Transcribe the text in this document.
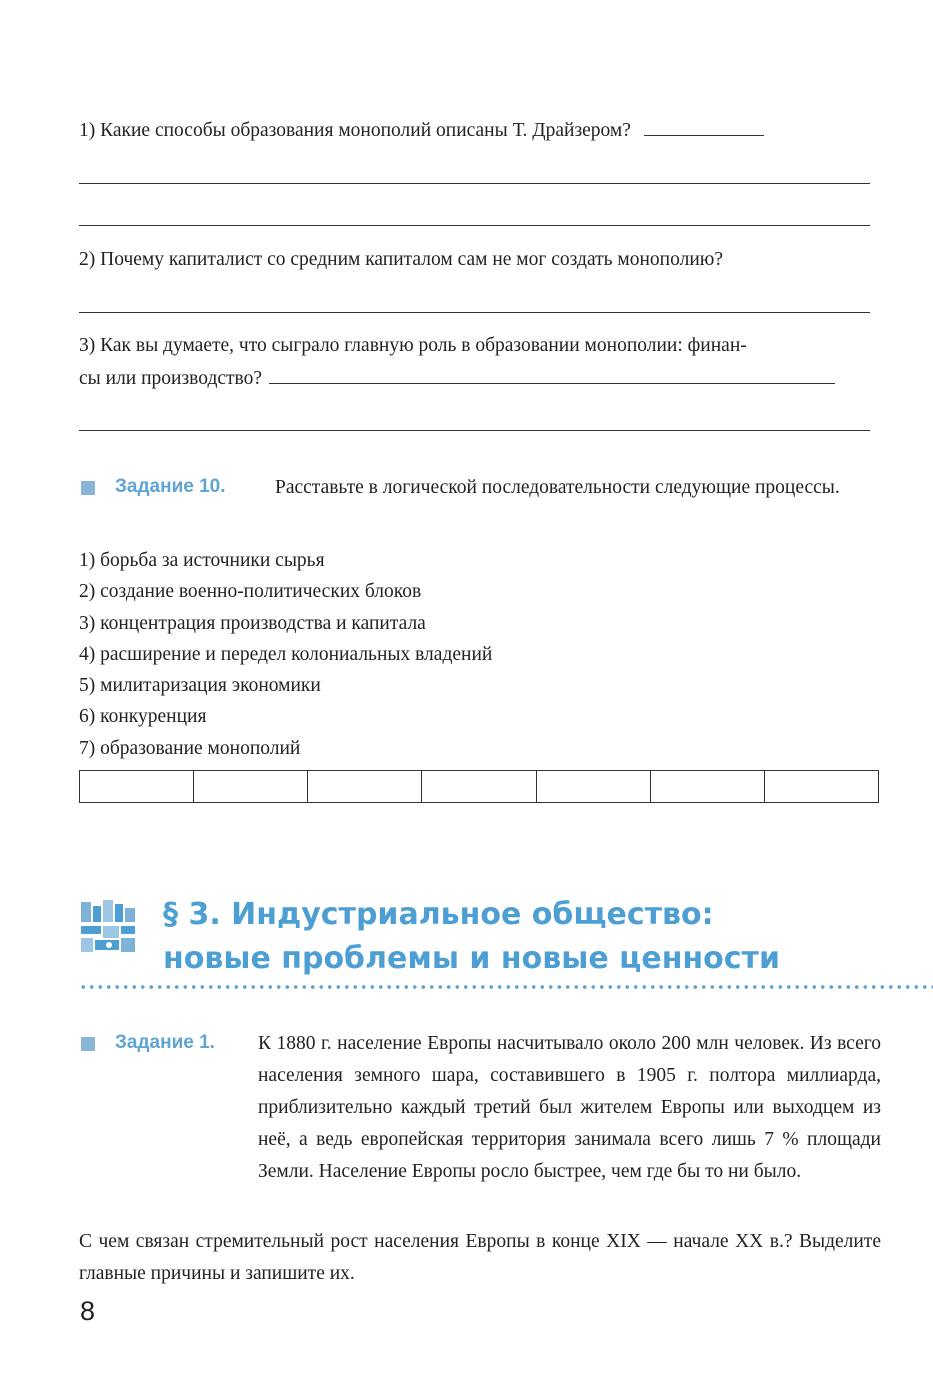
1) Какие способы образования монополий описаны Т. Драйзером?
2) Почему капиталист со средним капиталом сам не мог создать монополию?
3) Как вы думаете, что сыграло главную роль в образовании монополии: финан-
сы или производство?
Задание 10.	Расставьте в логической последовательности следующие процессы.
1) борьба за источники сырья
2) создание военно-политических блоков
3) концентрация производства и капитала
4) расширение и передел колониальных владений
5) милитаризация экономики
6) конкуренция
7) образование монополий

§ 3. Индустриальное общество:
новые проблемы и новые ценности
Задание 1. К 1880 г. население Европы насчитывало около 200 млн человек. Из всего населения земного шара, составившего в 1905 г. полтора миллиарда, приблизительно каждый третий был жителем Европы или выходцем из неё, а ведь европейская территория занимала всего лишь 7 % площади Земли. Население Европы росло быстрее, чем где бы то ни было.
С чем связан стремительный рост населения Европы в конце XIX — начале XX в.? Выделите главные причины и запишите их.
8
